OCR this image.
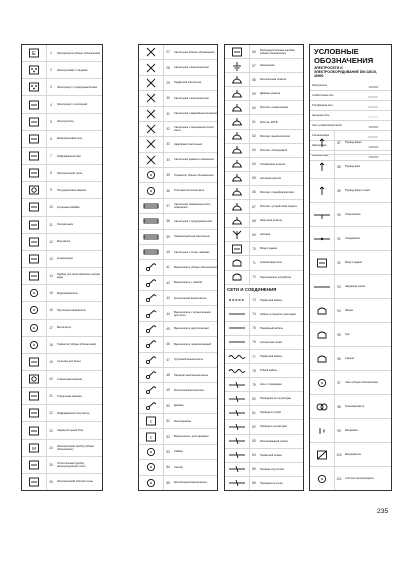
E	1	Электрощиты (общее обозначение)
2	Электрошкаф с гнёздами
3	Электрощит с предохранителями
4	Электрощит с изоляцией
5	Электроплиты
6	Микроволновая печь
7	Инфракрасный свет
8	Электрический гриль
9	Посудомоечная машина
10	Кухонный комбайн
11	Холодильник
12	Морозилка
13	Кондиционер
14	Прибор для приготовления горячей воды
15	Водонагреватель
16	Проточный нагреватель
17	Вентилятор
18	Термостат (общее обозначение)
19	Сушилка для белья
20	Стиральная машина
21	Гладильная машина
22	Инфракрасный излучатель
23	Аккумуляторный блок
M	24	Электрический прибор (общее обозначение)
25	Отопительный прибор, аккумулирующий тепло
26	Электрический обогрев стены
27	Светильник (общее обозначение)
28	Светильник с выключателем
29	Подвесной светильник
30	Светильник с выключателем
31	Светильник с аварийным питанием
32	Светильник с переменной силой света
33	Аварийный светильник
34	Светильник дневного освещения
35	Прожектор (общее обозначение)
36	Точечный источник света
37	Светильник люминесцентного освещения
38	Светильник с предохранителем
39	Люминесцентный светильник
40	Светильник с пятью лампами
41	Выключатель (общее обозначение)
42	Выключатель с лампой
43	Контрольный выключатель
44	Выключатель с ограниченным доступом
45	Выключатель двухполюсный
46	Выключатель переключающий
47	Групповой выключатель
48	Перекрёстный выключатель
49	Кнопочный выключатель
50	Диммер
t	51	Реле времени
t	52	Выключатель, реле времени
53	Таймер
54	Сенсор
55	Штепсельный выключатель
56	Распределительная коробка (общее обозначение)
57	Заземление
58	Штепсельная розетка
59	Двойная розетка
60	Розетка с заземлением
61	Розетка, 380 В
62	Розетка с выключателем
63	Розетка с блокировкой
64	Телефонная розетка
65	Антенная розетка
66	Розетка с трансформатором
67	Розетка с устройством защиты
68	Защитная розетка
69	Антенна
70	Вход в здание
71	Громкоговоритель
72	Переговорное устройство
СЕТИ И СОЕДИНЕНИЯ
73	Подвесной кабель
74	Кабель в процессе прокладки
75	Подземный кабель
76	Сигнальная линия
77	Подвесной кабель
78	Гибкий кабель
79	Сеть с проводами
80	Проводник на штукатурке
81	Провода в трубах
82	Провода в штукатурке
83	Изолированный провод
84	Подвесной провод
85	Провода под полом
86	Проводка по стене
УСЛОВНЫЕ ОБОЗНАЧЕНИЯ
ЭЛЕКТРОСЕТИ И ЭЛЕКТРООБОРУДОВАНИЕ DIN 18015, 40900
Электросеть
Слаботочная сеть
Телефонная сеть
Антенная сеть
Сеть громкоговорителей
Сигнализация
Заземление
Молниеотвод
87	Провод вверх
88	Провод вниз
89	Провод вверх и вниз
90	Ответвление
91	Соединение
92	Вход в здание
93	Наружная линия
94	Звонок
95	Гонг
96	Сирена
97	Часы (общее обозначение)
98	Трансформатор
99	Батарейка
100	Выпрямитель
101	Счётчик электроэнергии
235
